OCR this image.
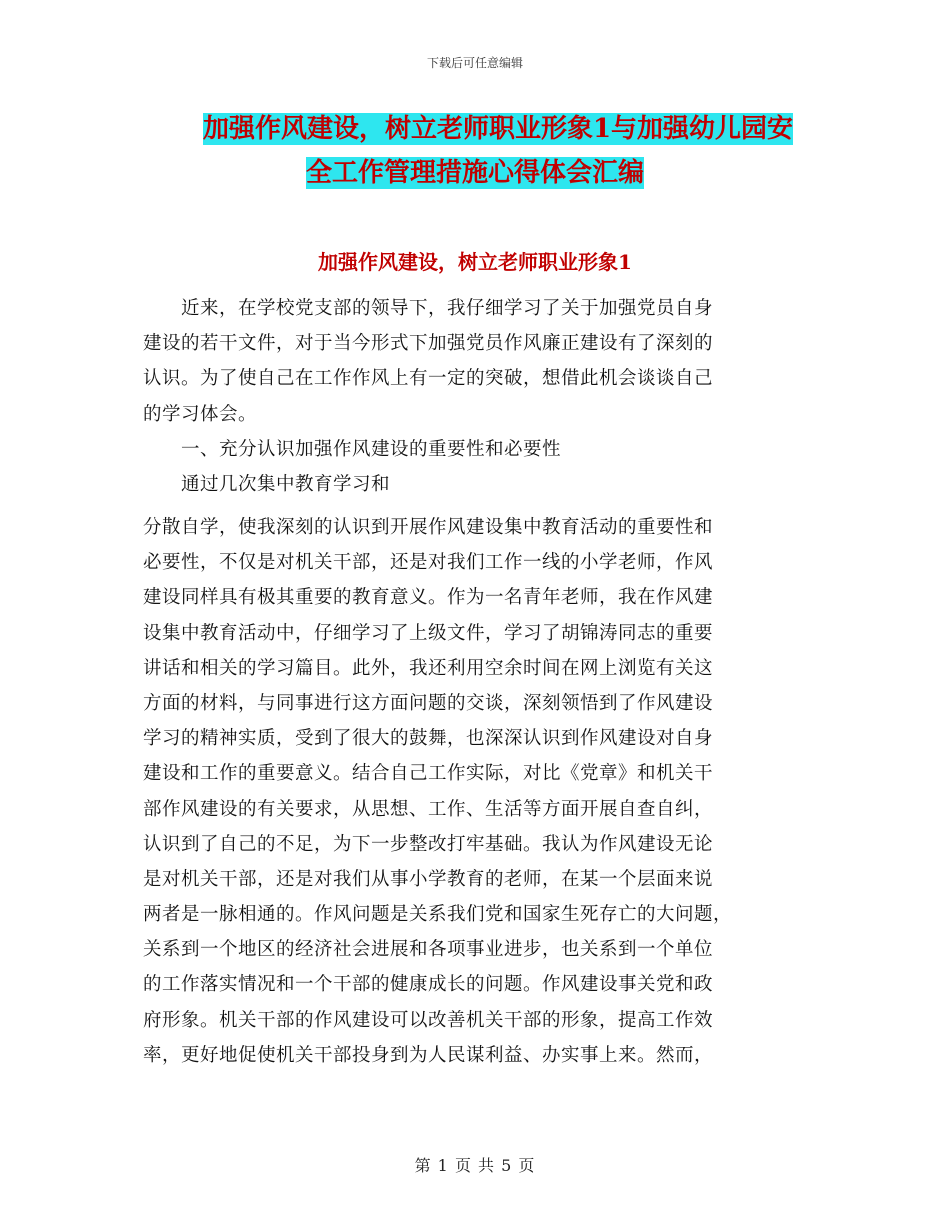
下载后可任意编辑
加强作风建设，树立老师职业形象1与加强幼儿园安
全工作管理措施心得体会汇编
加强作风建设，树立老师职业形象1
　　近来，在学校党支部的领导下，我仔细学习了关于加强党员自身
建设的若干文件，对于当今形式下加强党员作风廉正建设有了深刻的
认识。为了使自己在工作作风上有一定的突破，想借此机会谈谈自己
的学习体会。
　　一、充分认识加强作风建设的重要性和必要性
　　通过几次集中教育学习和
分散自学，使我深刻的认识到开展作风建设集中教育活动的重要性和
必要性，不仅是对机关干部，还是对我们工作一线的小学老师，作风
建设同样具有极其重要的教育意义。作为一名青年老师，我在作风建
设集中教育活动中，仔细学习了上级文件，学习了胡锦涛同志的重要
讲话和相关的学习篇目。此外，我还利用空余时间在网上浏览有关这
方面的材料，与同事进行这方面问题的交谈，深刻领悟到了作风建设
学习的精神实质，受到了很大的鼓舞，也深深认识到作风建设对自身
建设和工作的重要意义。结合自己工作实际，对比《党章》和机关干
部作风建设的有关要求，从思想、工作、生活等方面开展自查自纠，
认识到了自己的不足，为下一步整改打牢基础。我认为作风建设无论
是对机关干部，还是对我们从事小学教育的老师，在某一个层面来说
两者是一脉相通的。作风问题是关系我们党和国家生死存亡的大问题，
关系到一个地区的经济社会进展和各项事业进步，也关系到一个单位
的工作落实情况和一个干部的健康成长的问题。作风建设事关党和政
府形象。机关干部的作风建设可以改善机关干部的形象，提高工作效
率，更好地促使机关干部投身到为人民谋利益、办实事上来。然而，
第 1 页 共 5 页
